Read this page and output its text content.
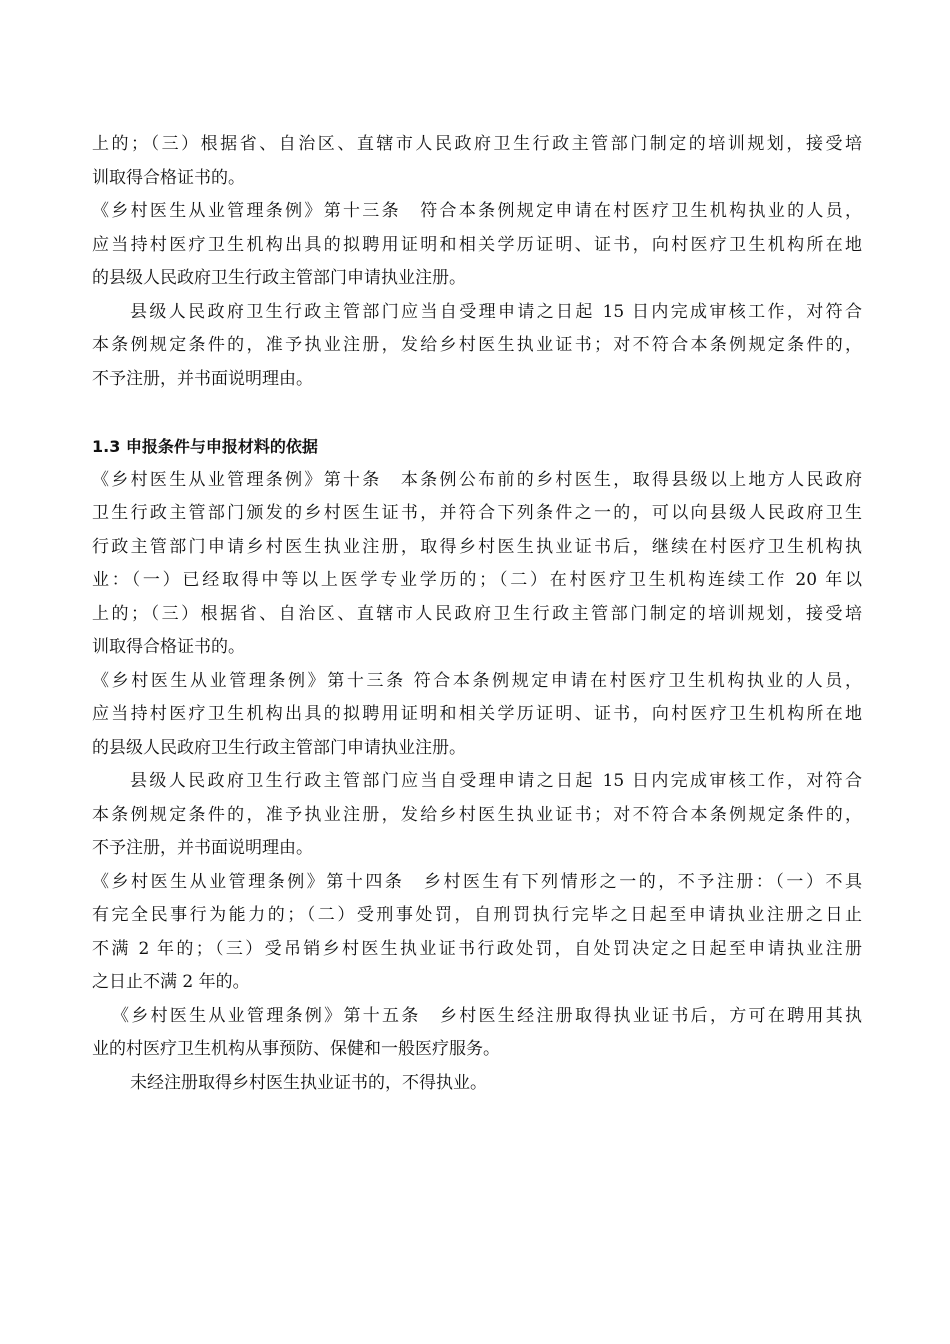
上的；（三）根据省、自治区、直辖市人民政府卫生行政主管部门制定的培训规划，接受培
训取得合格证书的。
《乡村医生从业管理条例》第十三条　符合本条例规定申请在村医疗卫生机构执业的人员，
应当持村医疗卫生机构出具的拟聘用证明和相关学历证明、证书，向村医疗卫生机构所在地
的县级人民政府卫生行政主管部门申请执业注册。
县级人民政府卫生行政主管部门应当自受理申请之日起 15 日内完成审核工作，对符合
本条例规定条件的，准予执业注册，发给乡村医生执业证书；对不符合本条例规定条件的，
不予注册，并书面说明理由。
1.3 申报条件与申报材料的依据
《乡村医生从业管理条例》第十条　本条例公布前的乡村医生，取得县级以上地方人民政府
卫生行政主管部门颁发的乡村医生证书，并符合下列条件之一的，可以向县级人民政府卫生
行政主管部门申请乡村医生执业注册，取得乡村医生执业证书后，继续在村医疗卫生机构执
业：（一）已经取得中等以上医学专业学历的；（二）在村医疗卫生机构连续工作 20 年以
上的；（三）根据省、自治区、直辖市人民政府卫生行政主管部门制定的培训规划，接受培
训取得合格证书的。
《乡村医生从业管理条例》第十三条 符合本条例规定申请在村医疗卫生机构执业的人员，
应当持村医疗卫生机构出具的拟聘用证明和相关学历证明、证书，向村医疗卫生机构所在地
的县级人民政府卫生行政主管部门申请执业注册。
县级人民政府卫生行政主管部门应当自受理申请之日起 15 日内完成审核工作，对符合
本条例规定条件的，准予执业注册，发给乡村医生执业证书；对不符合本条例规定条件的，
不予注册，并书面说明理由。
《乡村医生从业管理条例》第十四条　乡村医生有下列情形之一的，不予注册：（一）不具
有完全民事行为能力的；（二）受刑事处罚，自刑罚执行完毕之日起至申请执业注册之日止
不满 2 年的；（三）受吊销乡村医生执业证书行政处罚，自处罚决定之日起至申请执业注册
之日止不满 2 年的。
《乡村医生从业管理条例》第十五条　乡村医生经注册取得执业证书后，方可在聘用其执
业的村医疗卫生机构从事预防、保健和一般医疗服务。
未经注册取得乡村医生执业证书的，不得执业。
